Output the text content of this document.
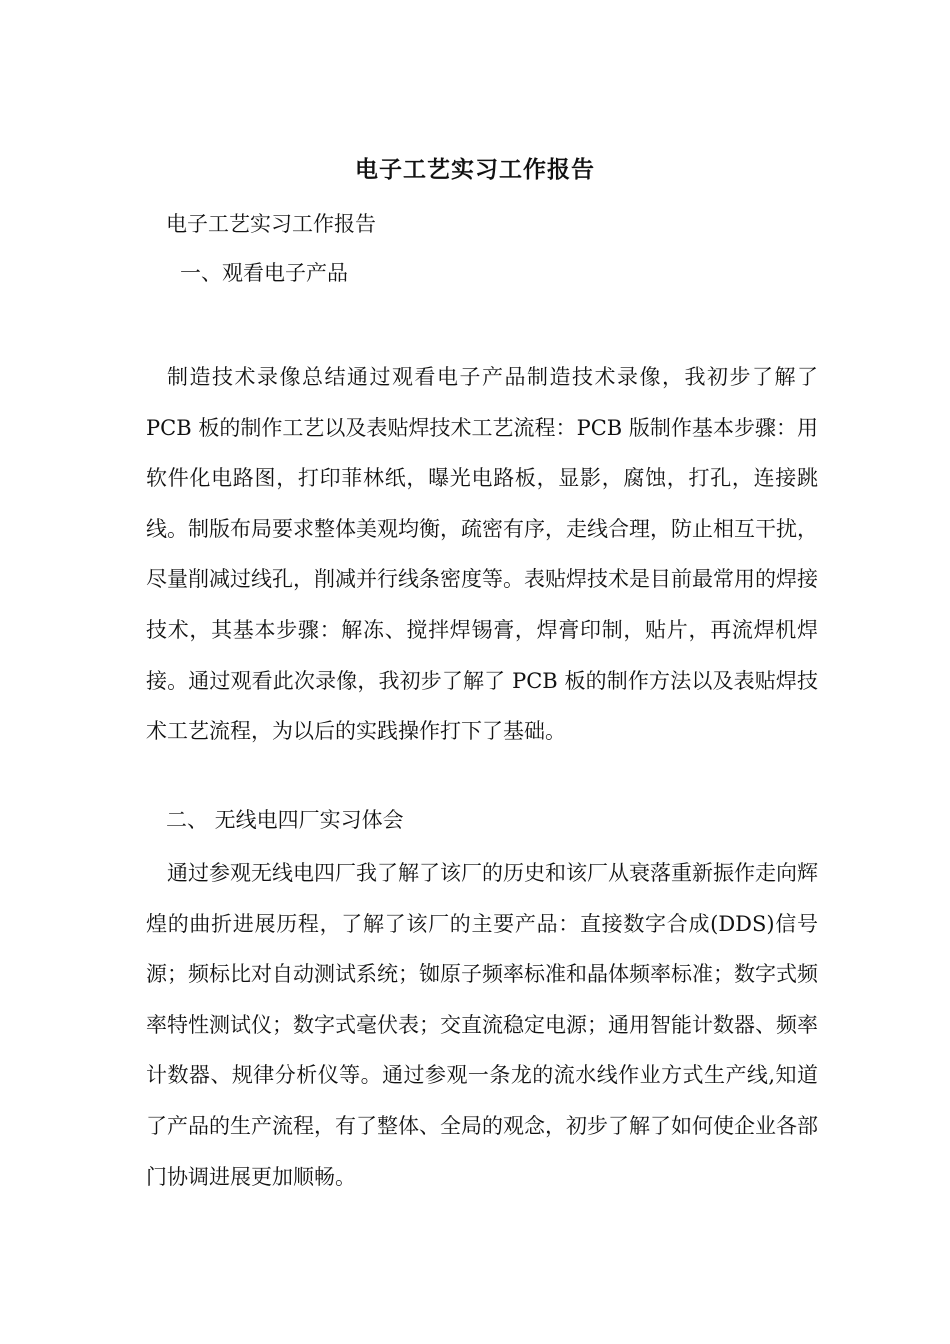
电子工艺实习工作报告
电子工艺实习工作报告
一、观看电子产品

制造技术录像总结通过观看电子产品制造技术录像，我初步了解了 PCB 板的制作工艺以及表贴焊技术工艺流程：PCB 版制作基本步骤：用软件化电路图，打印菲林纸，曝光电路板，显影，腐蚀，打孔，连接跳线。制版布局要求整体美观均衡，疏密有序，走线合理，防止相互干扰，尽量削减过线孔，削减并行线条密度等。表贴焊技术是目前最常用的焊接技术，其基本步骤：解冻、搅拌焊锡膏，焊膏印制，贴片，再流焊机焊接。通过观看此次录像，我初步了解了 PCB 板的制作方法以及表贴焊技术工艺流程，为以后的实践操作打下了基础。

二、 无线电四厂实习体会

通过参观无线电四厂我了解了该厂的历史和该厂从衰落重新振作走向辉煌的曲折进展历程，了解了该厂的主要产品：直接数字合成(DDS)信号源；频标比对自动测试系统；铷原子频率标准和晶体频率标准；数字式频率特性测试仪；数字式毫伏表；交直流稳定电源；通用智能计数器、频率计数器、规律分析仪等。通过参观一条龙的流水线作业方式生产线,知道了产品的生产流程，有了整体、全局的观念，初步了解了如何使企业各部门协调进展更加顺畅。
